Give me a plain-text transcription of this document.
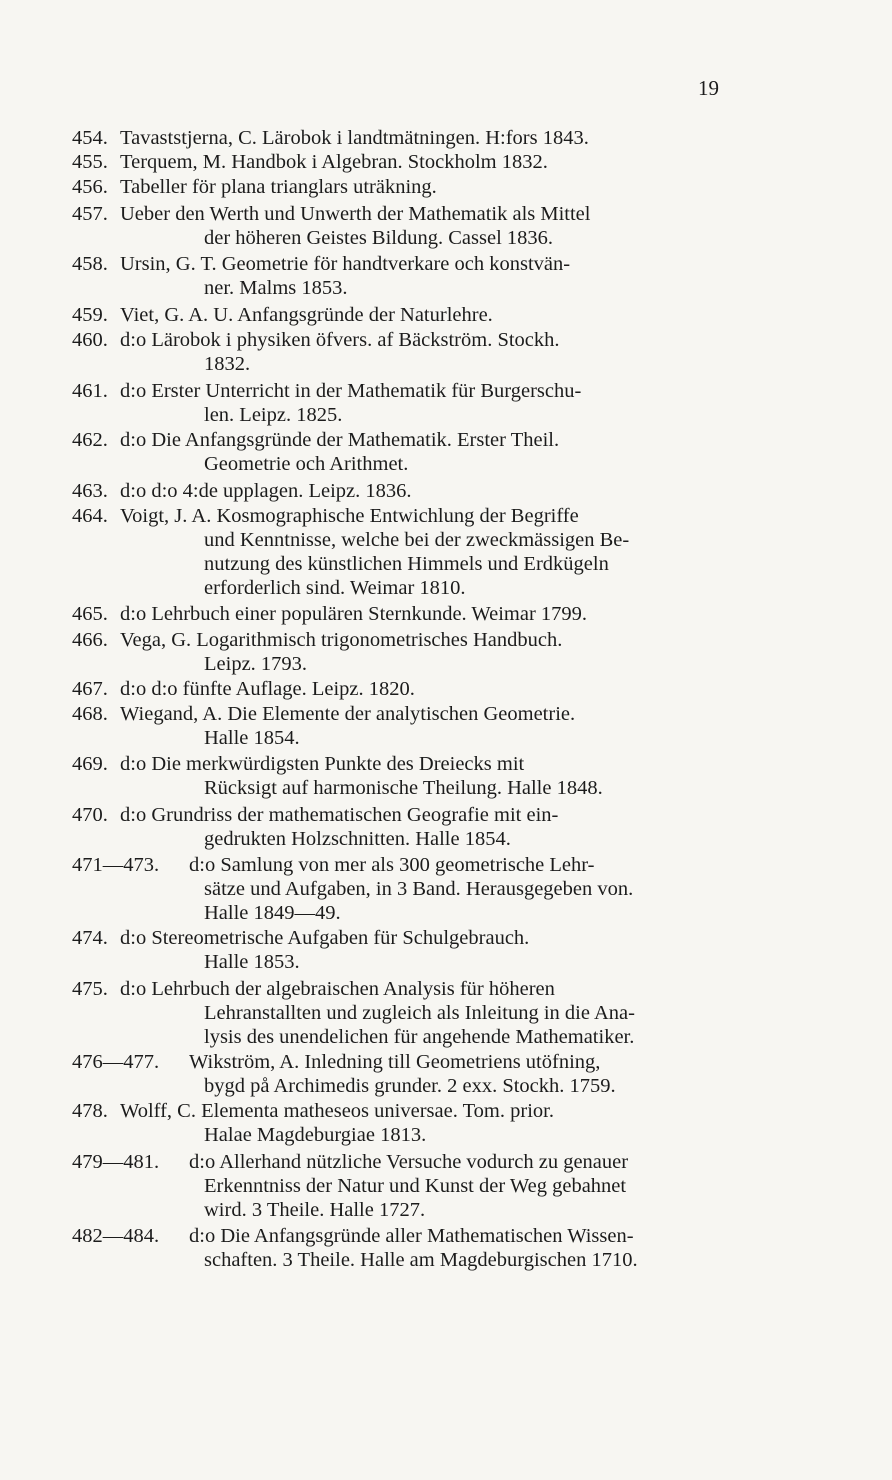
19
454. Tavaststjerna, C. Lärobok i landtmätningen. H:fors 1843.
455. Terquem, M. Handbok i Algebran. Stockholm 1832.
456. Tabeller för plana trianglars uträkning.
457. Ueber den Werth und Unwerth der Mathematik als Mittel
der höheren Geistes Bildung. Cassel 1836.
458. Ursin, G. T. Geometrie för handtverkare och konstvän-
ner. Malms 1853.
459. Viet, G. A. U. Anfangsgründe der Naturlehre.
460. d:o Lärobok i physiken öfvers. af Bäckström. Stockh.
1832.
461. d:o Erster Unterricht in der Mathematik für Burgerschu-
len. Leipz. 1825.
462. d:o Die Anfangsgründe der Mathematik. Erster Theil.
Geometrie och Arithmet.
463. d:o d:o 4:de upplagen. Leipz. 1836.
464. Voigt, J. A. Kosmographische Entwichlung der Begriffe
und Kenntnisse, welche bei der zweckmässigen Be-
nutzung des künstlichen Himmels und Erdkügeln
erforderlich sind. Weimar 1810.
465. d:o Lehrbuch einer populären Sternkunde. Weimar 1799.
466. Vega, G. Logarithmisch trigonometrisches Handbuch.
Leipz. 1793.
467. d:o d:o fünfte Auflage. Leipz. 1820.
468. Wiegand, A. Die Elemente der analytischen Geometrie.
Halle 1854.
469. d:o Die merkwürdigsten Punkte des Dreiecks mit
Rücksigt auf harmonische Theilung. Halle 1848.
470. d:o Grundriss der mathematischen Geografie mit ein-
gedrukten Holzschnitten. Halle 1854.
471—473. d:o Samlung von mer als 300 geometrische Lehr-
sätze und Aufgaben, in 3 Band. Herausgegeben von.
Halle 1849—49.
474. d:o Stereometrische Aufgaben für Schulgebrauch.
Halle 1853.
475. d:o Lehrbuch der algebraischen Analysis für höheren
Lehranstallten und zugleich als Inleitung in die Ana-
lysis des unendelichen für angehende Mathematiker.
476—477. Wikström, A. Inledning till Geometriens utöfning,
bygd på Archimedis grunder. 2 exx. Stockh. 1759.
478. Wolff, C. Elementa matheseos universae. Tom. prior.
Halae Magdeburgiae 1813.
479—481. d:o Allerhand nützliche Versuche vodurch zu genauer
Erkenntniss der Natur und Kunst der Weg gebahnet
wird. 3 Theile. Halle 1727.
482—484. d:o Die Anfangsgründe aller Mathematischen Wissen-
schaften. 3 Theile. Halle am Magdeburgischen 1710.
